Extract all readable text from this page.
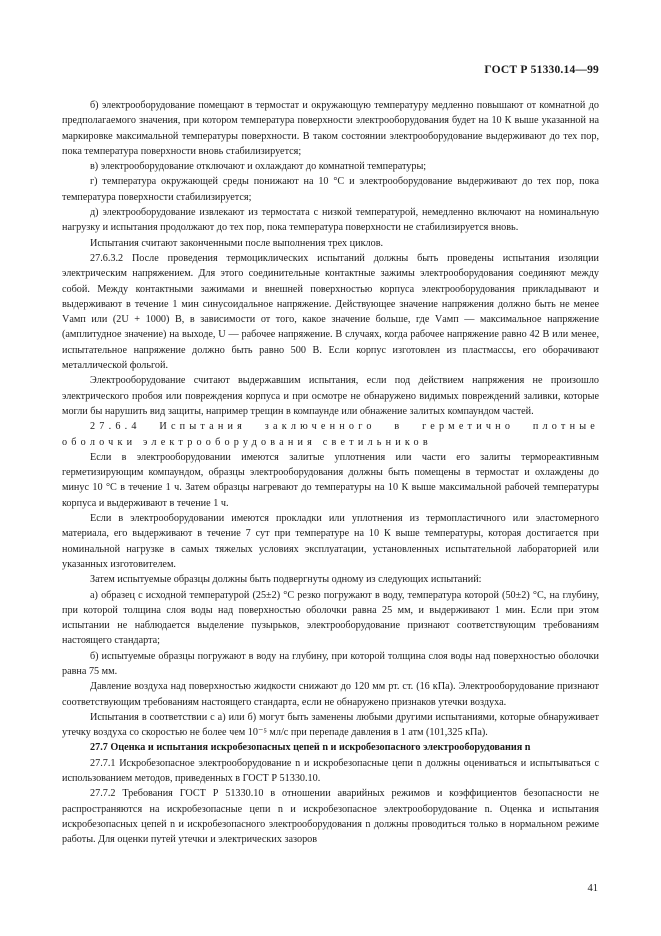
ГОСТ Р 51330.14—99

б) электрооборудование помещают в термостат и окружающую температуру медленно повышают от комнатной до предполагаемого значения, при котором температура поверхности электрооборудования будет на 10 К выше указанной на маркировке максимальной температуры поверхности. В таком состоянии электрооборудование выдерживают до тех пор, пока температура поверхности вновь стабилизируется;

в) электрооборудование отключают и охлаждают до комнатной температуры;

г) температура окружающей среды понижают на 10 °С и электрооборудование выдерживают до тех пор, пока температура поверхности стабилизируется;

д) электрооборудование извлекают из термостата с низкой температурой, немедленно включают на номинальную нагрузку и испытания продолжают до тех пор, пока температура поверхности не стабилизируется вновь.

Испытания считают законченными после выполнения трех циклов.

27.6.3.2 После проведения термоциклических испытаний должны быть проведены испытания изоляции электрическим напряжением. Для этого соединительные контактные зажимы электрооборудования соединяют между собой. Между контактными зажимами и внешней поверхностью корпуса электрооборудования прикладывают и выдерживают в течение 1 мин синусоидальное напряжение. Действующее значение напряжения должно быть не менее Vамп или (2U + 1000) В, в зависимости от того, какое значение больше, где Vамп — максимальное напряжение (амплитудное значение) на выходе, U — рабочее напряжение. В случаях, когда рабочее напряжение равно 42 В или менее, испытательное напряжение должно быть равно 500 В. Если корпус изготовлен из пластмассы, его оборачивают металлической фольгой.

Электрооборудование считают выдержавшим испытания, если под действием напряжения не произошло электрического пробоя или повреждения корпуса и при осмотре не обнаружено видимых повреждений заливки, которые могли бы нарушить вид защиты, например трещин в компаунде или обнажение залитых компаундом частей.

27.6.4 Испытания заключенного в герметично плотные оболочки электрооборудования светильников

Если в электрооборудовании имеются залитые уплотнения или части его залиты термореактивным герметизирующим компаундом, образцы электрооборудования должны быть помещены в термостат и охлаждены до минус 10 °С в течение 1 ч. Затем образцы нагревают до температуры на 10 К выше максимальной рабочей температуры корпуса и выдерживают в течение 1 ч.

Если в электрооборудовании имеются прокладки или уплотнения из термопластичного или эластомерного материала, его выдерживают в течение 7 сут при температуре на 10 К выше температуры, которая достигается при номинальной нагрузке в самых тяжелых условиях эксплуатации, установленных испытательной лабораторией или указанных изготовителем.

Затем испытуемые образцы должны быть подвергнуты одному из следующих испытаний:

а) образец с исходной температурой (25±2) °С резко погружают в воду, температура которой (50±2) °С, на глубину, при которой толщина слоя воды над поверхностью оболочки равна 25 мм, и выдерживают 1 мин. Если при этом испытании не наблюдается выделение пузырьков, электрооборудование признают соответствующим требованиям настоящего стандарта;

б) испытуемые образцы погружают в воду на глубину, при которой толщина слоя воды над поверхностью оболочки равна 75 мм.

Давление воздуха над поверхностью жидкости снижают до 120 мм рт. ст. (16 кПа). Электрооборудование признают соответствующим требованиям настоящего стандарта, если не обнаружено признаков утечки воздуха.

Испытания в соответствии с а) или б) могут быть заменены любыми другими испытаниями, которые обнаруживает утечку воздуха со скоростью не более чем 10⁻⁵ мл/с при перепаде давления в 1 атм (101,325 кПа).

27.7 Оценка и испытания искробезопасных цепей n и искробезопасного электрооборудования n

27.7.1 Искробезопасное электрооборудование n и искробезопасные цепи n должны оцениваться и испытываться с использованием методов, приведенных в ГОСТ Р 51330.10.

27.7.2 Требования ГОСТ Р 51330.10 в отношении аварийных режимов и коэффициентов безопасности не распространяются на искробезопасные цепи n и искробезопасное электрооборудование n. Оценка и испытания искробезопасных цепей n и искробезопасного электрооборудования n должны проводиться только в нормальном режиме работы. Для оценки путей утечки и электрических зазоров

41
